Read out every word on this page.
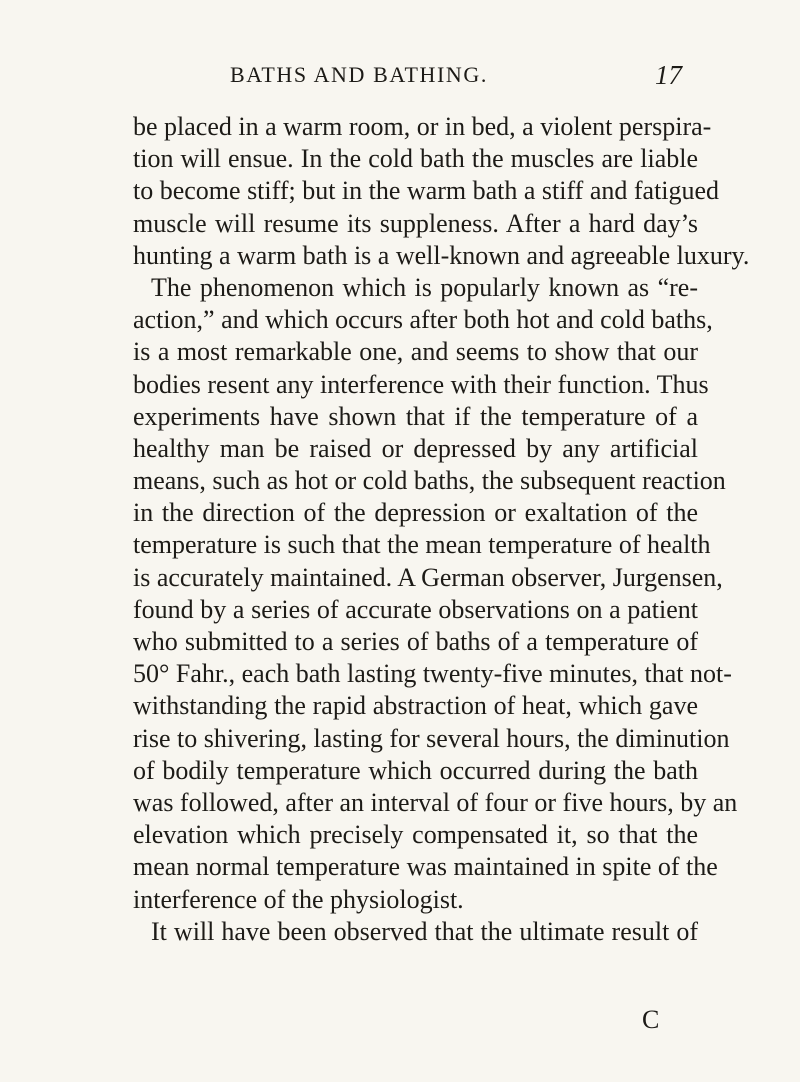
BATHS AND BATHING.	17
be placed in a warm room, or in bed, a violent perspira-
tion will ensue. In the cold bath the muscles are liable
to become stiff; but in the warm bath a stiff and fatigued
muscle will resume its suppleness. After a hard day’s
hunting a warm bath is a well-known and agreeable luxury.
The phenomenon which is popularly known as “re-
action,” and which occurs after both hot and cold baths,
is a most remarkable one, and seems to show that our
bodies resent any interference with their function. Thus
experiments have shown that if the temperature of a
healthy man be raised or depressed by any artificial
means, such as hot or cold baths, the subsequent reaction
in the direction of the depression or exaltation of the
temperature is such that the mean temperature of health
is accurately maintained. A German observer, Jurgensen,
found by a series of accurate observations on a patient
who submitted to a series of baths of a temperature of
50° Fahr., each bath lasting twenty-five minutes, that not-
withstanding the rapid abstraction of heat, which gave
rise to shivering, lasting for several hours, the diminution
of bodily temperature which occurred during the bath
was followed, after an interval of four or five hours, by an
elevation which precisely compensated it, so that the
mean normal temperature was maintained in spite of the
interference of the physiologist.
It will have been observed that the ultimate result of
C
